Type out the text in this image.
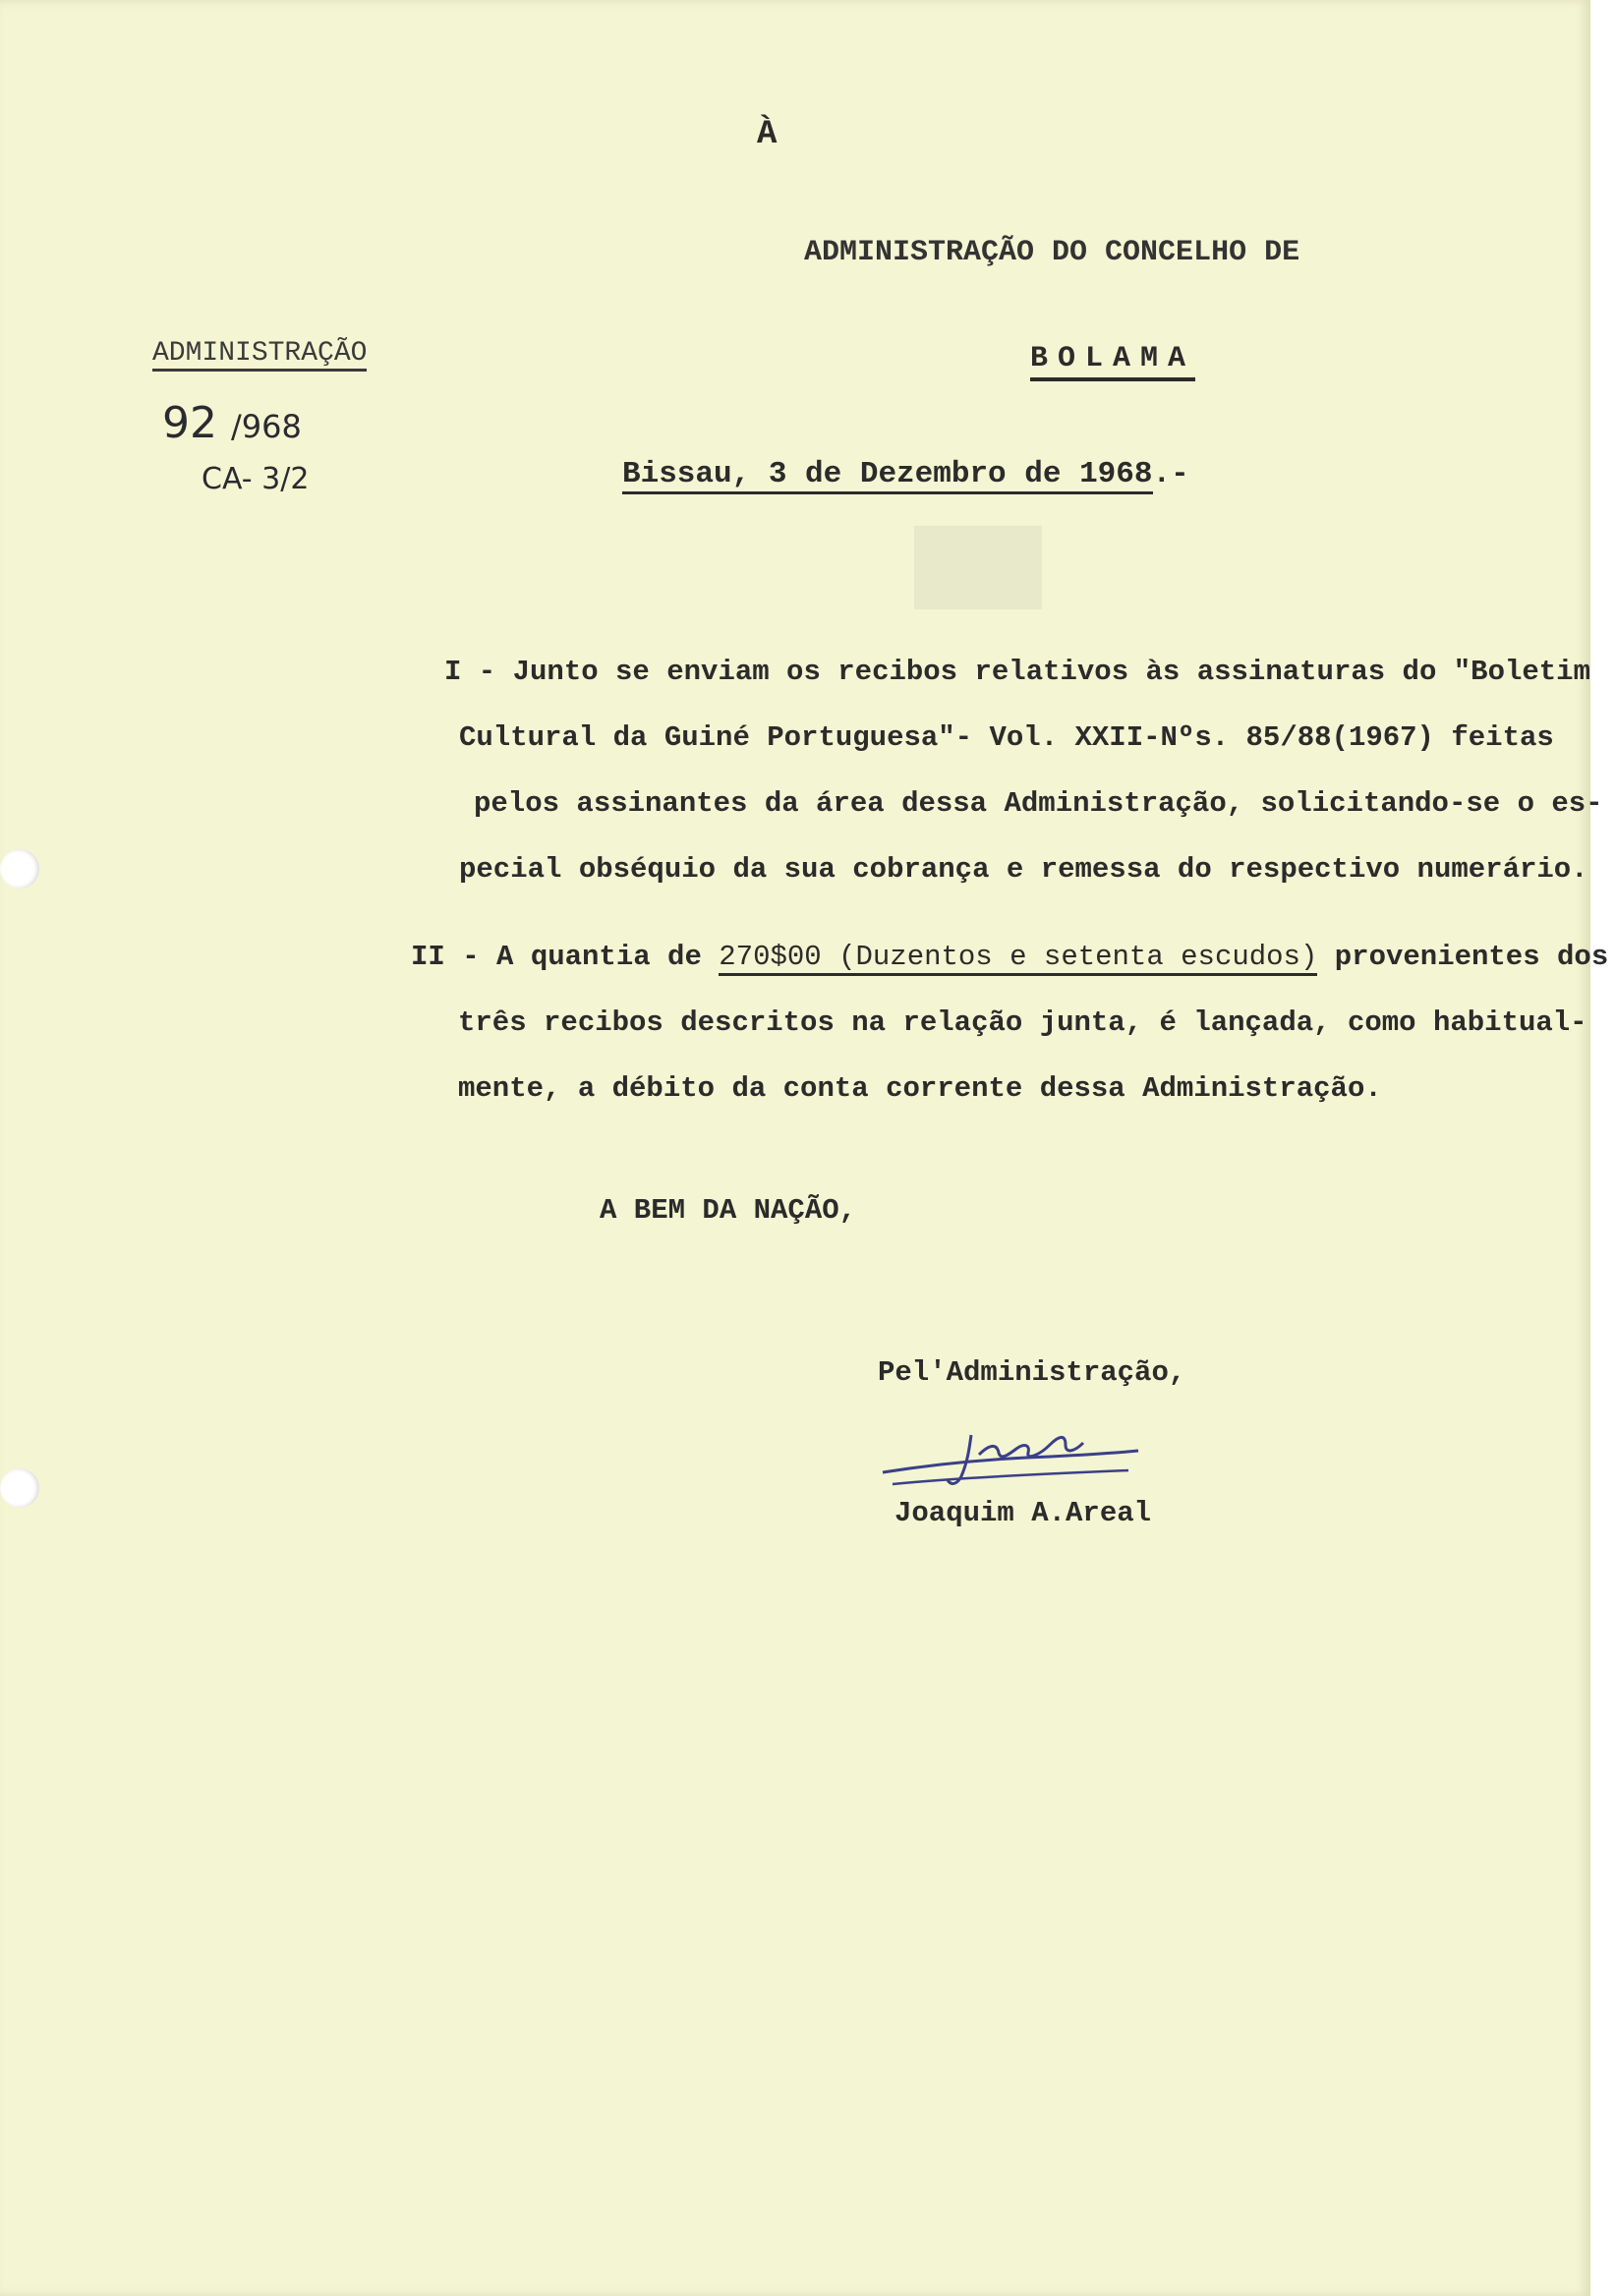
À
ADMINISTRAÇÃO DO CONCELHO DE
BOLAMA
ADMINISTRAÇÃO
92 /968
CA- 3/2	Bissau, 3 de Dezembro de 1968.-
I - Junto se enviam os recibos relativos às assinaturas do "Boletim
Cultural da Guiné Portuguesa"- Vol. XXII-Nºs. 85/88(1967) feitas
pelos assinantes da área dessa Administração, solicitando-se o es-
pecial obséquio da sua cobrança e remessa do respectivo numerário.
II - A quantia de 270$00 (Duzentos e setenta escudos) provenientes dos
três recibos descritos na relação junta, é lançada, como habitual-
mente, a débito da conta corrente dessa Administração.
A BEM DA NAÇÃO,
Pel'Administração,
Joaquim A.Areal
